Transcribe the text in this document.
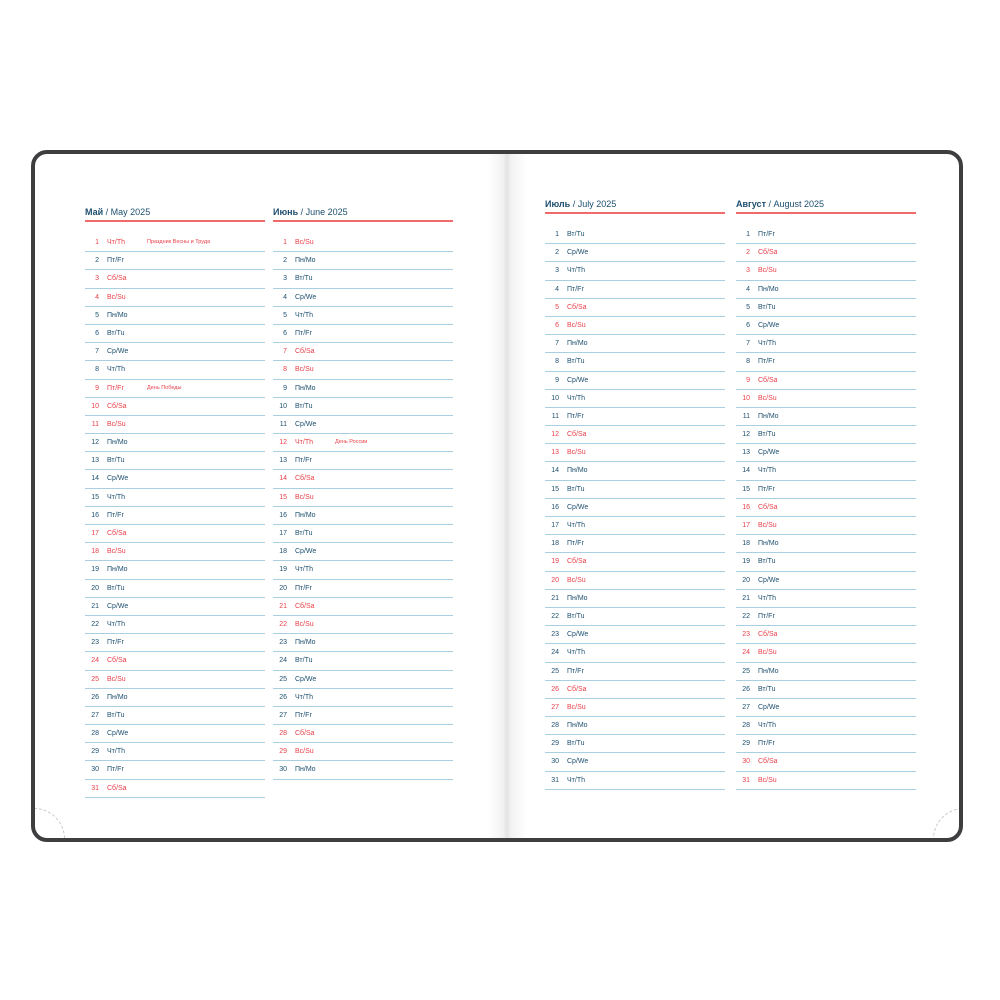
Май / May 2025
1 Чт/Th	Праздник Весны и Труда
2 Пт/Fr
3 Сб/Sa
4 Вс/Su
5 Пн/Mo
6 Вт/Tu
7 Ср/We
8 Чт/Th
9 Пт/Fr	День Победы
10 Сб/Sa
11 Вс/Su
12 Пн/Mo
13 Вт/Tu
14 Ср/We
15 Чт/Th
16 Пт/Fr
17 Сб/Sa
18 Вс/Su
19 Пн/Mo
20 Вт/Tu
21 Ср/We
22 Чт/Th
23 Пт/Fr
24 Сб/Sa
25 Вс/Su
26 Пн/Mo
27 Вт/Tu
28 Ср/We
29 Чт/Th
30 Пт/Fr
31 Сб/Sa
Июнь / June 2025
1 Вс/Su
2 Пн/Mo
3 Вт/Tu
4 Ср/We
5 Чт/Th
6 Пт/Fr
7 Сб/Sa
8 Вс/Su
9 Пн/Mo
10 Вт/Tu
11 Ср/We
12 Чт/Th	День России
13 Пт/Fr
14 Сб/Sa
15 Вс/Su
16 Пн/Mo
17 Вт/Tu
18 Ср/We
19 Чт/Th
20 Пт/Fr
21 Сб/Sa
22 Вс/Su
23 Пн/Mo
24 Вт/Tu
25 Ср/We
26 Чт/Th
27 Пт/Fr
28 Сб/Sa
29 Вс/Su
30 Пн/Mo
Июль / July 2025
1 Вт/Tu
2 Ср/We
3 Чт/Th
4 Пт/Fr
5 Сб/Sa
6 Вс/Su
7 Пн/Mo
8 Вт/Tu
9 Ср/We
10 Чт/Th
11 Пт/Fr
12 Сб/Sa
13 Вс/Su
14 Пн/Mo
15 Вт/Tu
16 Ср/We
17 Чт/Th
18 Пт/Fr
19 Сб/Sa
20 Вс/Su
21 Пн/Mo
22 Вт/Tu
23 Ср/We
24 Чт/Th
25 Пт/Fr
26 Сб/Sa
27 Вс/Su
28 Пн/Mo
29 Вт/Tu
30 Ср/We
31 Чт/Th
Август / August 2025
1 Пт/Fr
2 Сб/Sa
3 Вс/Su
4 Пн/Mo
5 Вт/Tu
6 Ср/We
7 Чт/Th
8 Пт/Fr
9 Сб/Sa
10 Вс/Su
11 Пн/Mo
12 Вт/Tu
13 Ср/We
14 Чт/Th
15 Пт/Fr
16 Сб/Sa
17 Вс/Su
18 Пн/Mo
19 Вт/Tu
20 Ср/We
21 Чт/Th
22 Пт/Fr
23 Сб/Sa
24 Вс/Su
25 Пн/Mo
26 Вт/Tu
27 Ср/We
28 Чт/Th
29 Пт/Fr
30 Сб/Sa
31 Вс/Su
